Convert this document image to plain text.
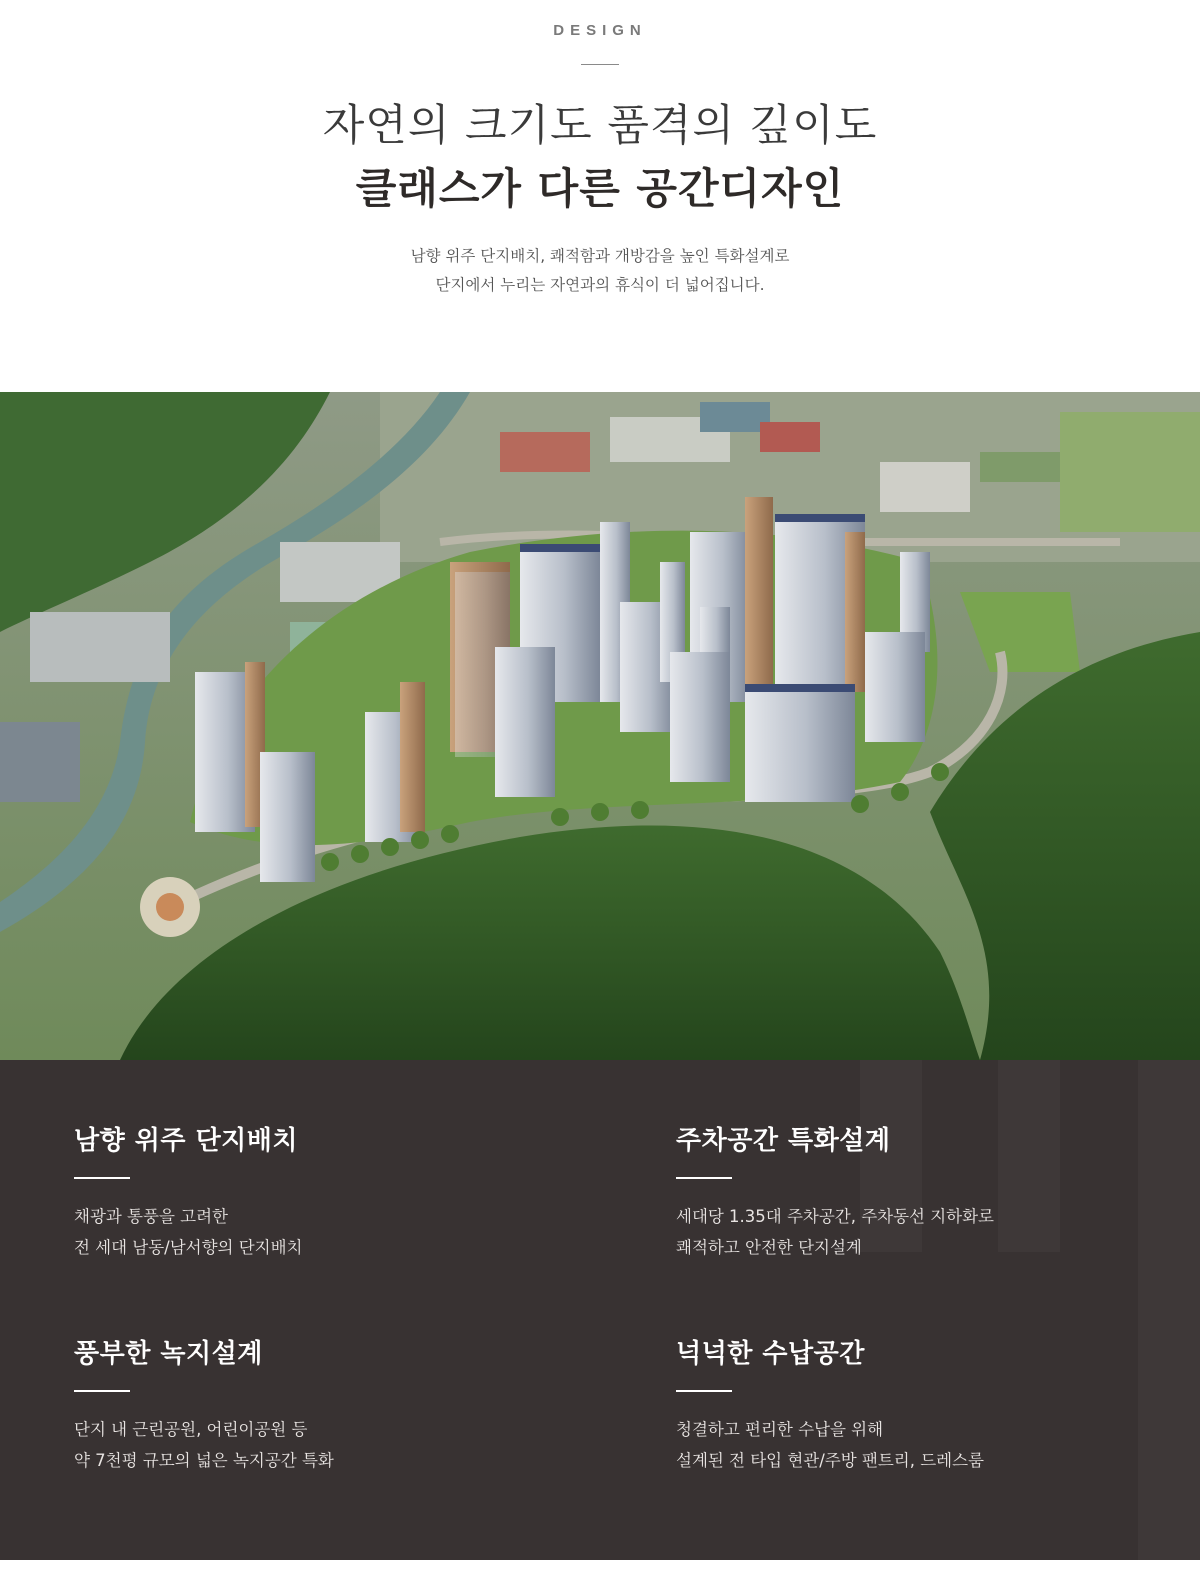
DESIGN
자연의 크기도 품격의 깊이도
클래스가 다른 공간디자인
남향 위주 단지배치, 쾌적함과 개방감을 높인 특화설계로
단지에서 누리는 자연과의 휴식이 더 넓어집니다.
남향 위주 단지배치
채광과 통풍을 고려한
전 세대 남동/남서향의 단지배치
주차공간 특화설계
세대당 1.35대 주차공간, 주차동선 지하화로
쾌적하고 안전한 단지설계
풍부한 녹지설계
단지 내 근린공원, 어린이공원 등
약 7천평 규모의 넓은 녹지공간 특화
넉넉한 수납공간
청결하고 편리한 수납을 위해
설계된 전 타입 현관/주방 팬트리, 드레스룸
